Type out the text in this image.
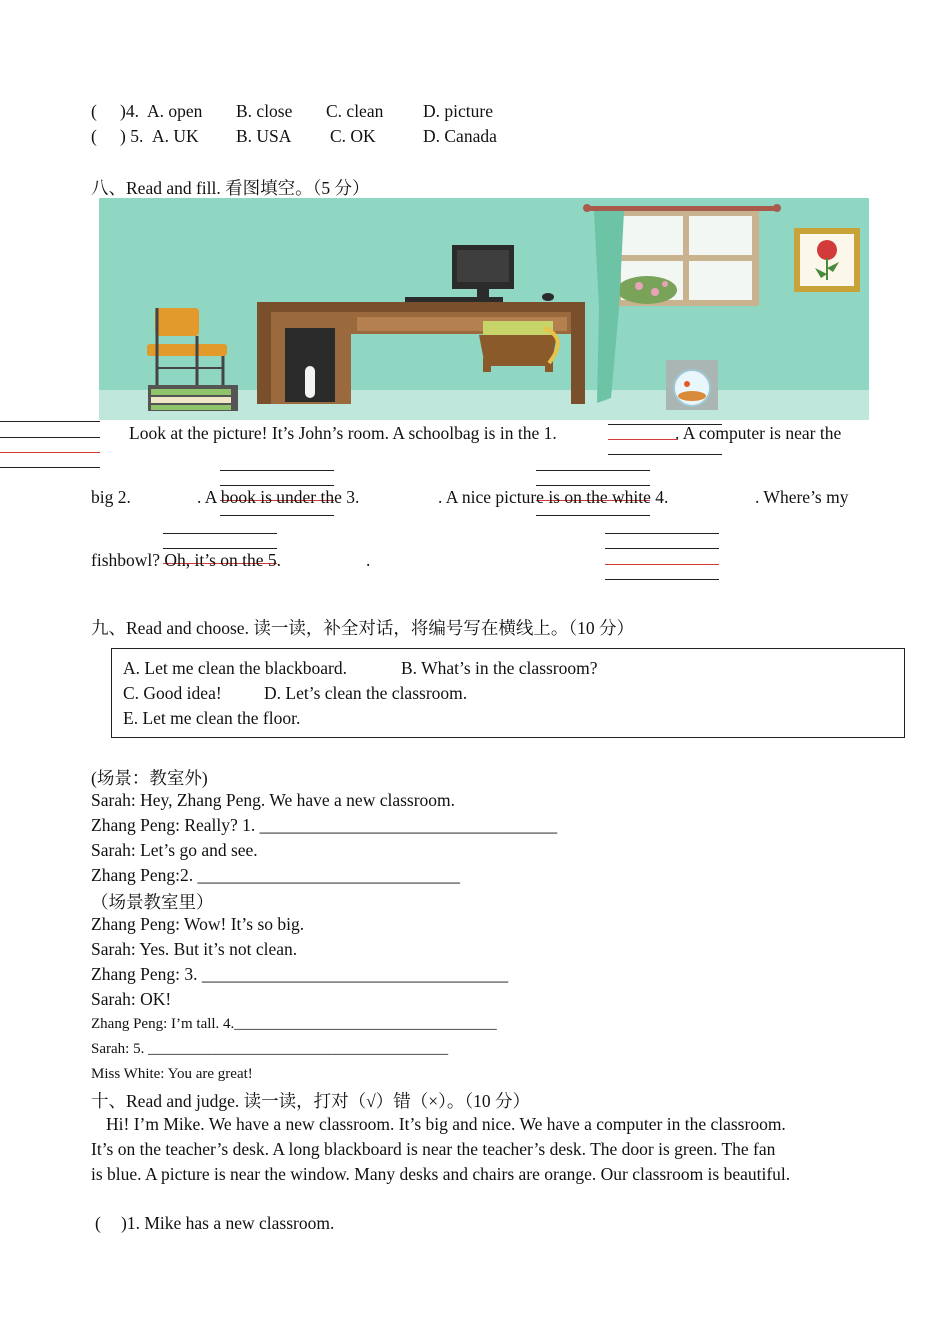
( )4. A. open B. close C. clean D. picture
( ) 5. A. UK B. USA C. OK	D. Canada
八、Read and fill. 看图填空。（5 分）
Look at the picture! It’s John’s room. A schoolbag is in the 1.	. A computer is near the
big 2.	. A book is under the 3.	. A nice picture is on the white 4.	. Where’s my
fishbowl? Oh, it’s on the 5.	.
九、Read and choose. 读一读，补全对话，将编号写在横线上。（10 分）
A. Let me clean the blackboard.	B. What’s in the classroom?
C. Good idea! D. Let’s clean the classroom.
E. Let me clean the floor.
(场景：教室外)
Sarah: Hey, Zhang Peng. We have a new classroom.
Zhang Peng: Really? 1. __________________________________
Sarah: Let’s go and see.
Zhang Peng:2. ______________________________
（场景教室里）
Zhang Peng: Wow! It’s so big.
Sarah: Yes. But it’s not clean.
Zhang Peng: 3. ___________________________________
Sarah: OK!
Zhang Peng: I’m tall. 4.___________________________________
Sarah: 5. ________________________________________
Miss White: You are great!
十、Read and judge. 读一读，打对（√）错（×）。（10 分）
Hi! I’m Mike. We have a new classroom. It’s big and nice. We have a computer in the classroom.
It’s on the teacher’s desk. A long blackboard is near the teacher’s desk. The door is green. The fan
is blue. A picture is near the window. Many desks and chairs are orange. Our classroom is beautiful.
( )1. Mike has a new classroom.
